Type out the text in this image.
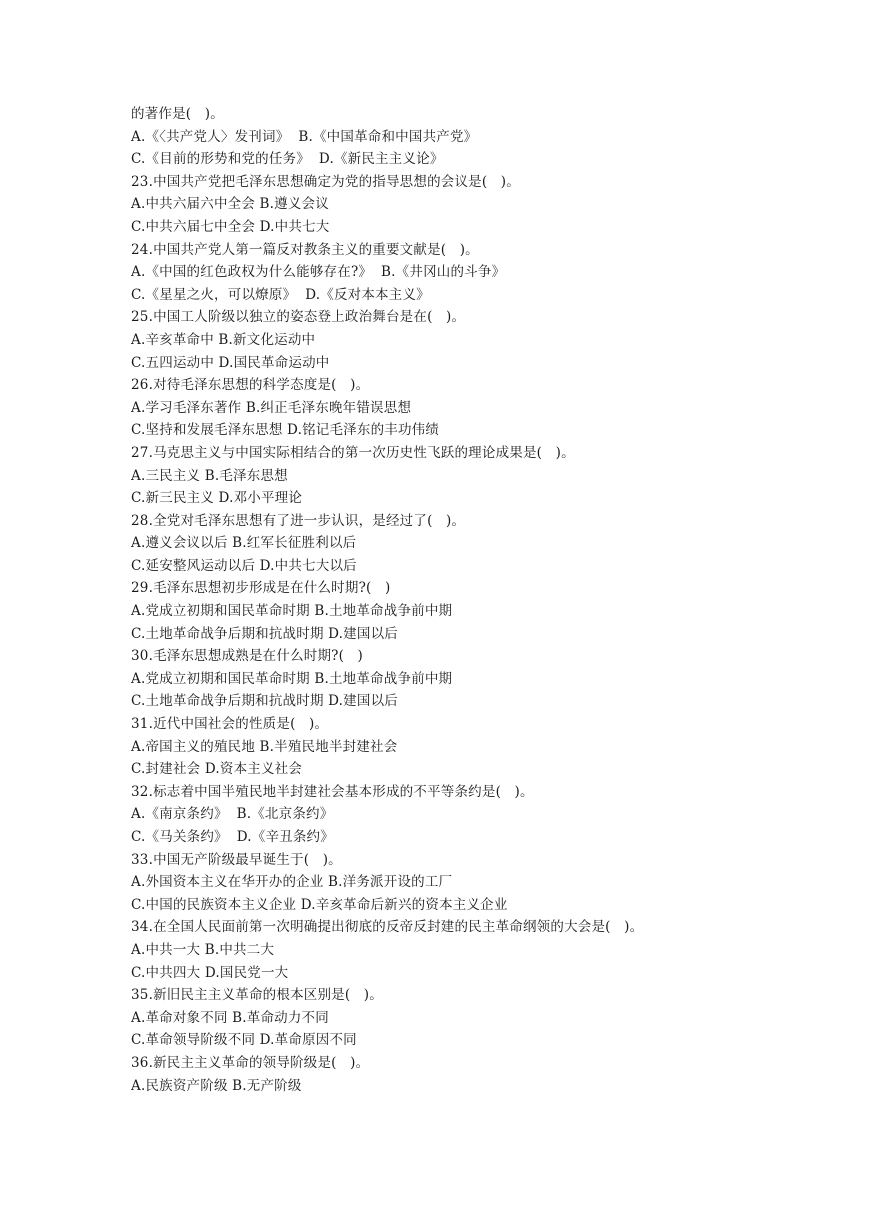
的著作是(   )。
A.《〈共产党人〉发刊词》  B.《中国革命和中国共产党》
C.《目前的形势和党的任务》  D.《新民主主义论》
23.中国共产党把毛泽东思想确定为党的指导思想的会议是(   )。
A.中共六届六中全会 B.遵义会议
C.中共六届七中全会 D.中共七大
24.中国共产党人第一篇反对教条主义的重要文献是(   )。
A.《中国的红色政权为什么能够存在?》  B.《井冈山的斗争》
C.《星星之火，可以燎原》  D.《反对本本主义》
25.中国工人阶级以独立的姿态登上政治舞台是在(   )。
A.辛亥革命中 B.新文化运动中
C.五四运动中 D.国民革命运动中
26.对待毛泽东思想的科学态度是(   )。
A.学习毛泽东著作 B.纠正毛泽东晚年错误思想
C.坚持和发展毛泽东思想 D.铭记毛泽东的丰功伟绩
27.马克思主义与中国实际相结合的第一次历史性飞跃的理论成果是(   )。
A.三民主义 B.毛泽东思想
C.新三民主义 D.邓小平理论
28.全党对毛泽东思想有了进一步认识，是经过了(   )。
A.遵义会议以后 B.红军长征胜利以后
C.延安整风运动以后 D.中共七大以后
29.毛泽东思想初步形成是在什么时期?(   )
A.党成立初期和国民革命时期 B.土地革命战争前中期
C.土地革命战争后期和抗战时期 D.建国以后
30.毛泽东思想成熟是在什么时期?(   )
A.党成立初期和国民革命时期 B.土地革命战争前中期
C.土地革命战争后期和抗战时期 D.建国以后
31.近代中国社会的性质是(   )。
A.帝国主义的殖民地 B.半殖民地半封建社会
C.封建社会 D.资本主义社会
32.标志着中国半殖民地半封建社会基本形成的不平等条约是(   )。
A.《南京条约》  B.《北京条约》
C.《马关条约》  D.《辛丑条约》
33.中国无产阶级最早诞生于(   )。
A.外国资本主义在华开办的企业 B.洋务派开设的工厂
C.中国的民族资本主义企业 D.辛亥革命后新兴的资本主义企业
34.在全国人民面前第一次明确提出彻底的反帝反封建的民主革命纲领的大会是(   )。
A.中共一大 B.中共二大
C.中共四大 D.国民党一大
35.新旧民主主义革命的根本区别是(   )。
A.革命对象不同 B.革命动力不同
C.革命领导阶级不同 D.革命原因不同
36.新民主主义革命的领导阶级是(   )。
A.民族资产阶级 B.无产阶级
